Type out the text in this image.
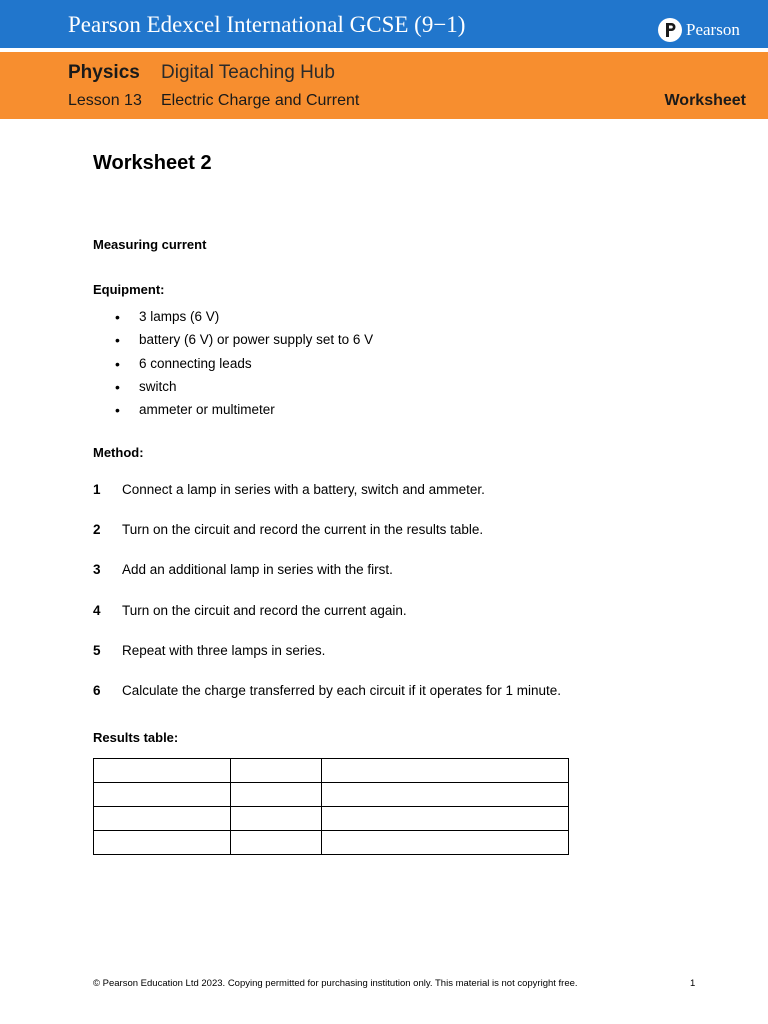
Pearson Edexcel International GCSE (9−1)	Pearson
Physics Digital Teaching Hub
Lesson 13 Electric Charge and Current	Worksheet
Worksheet 2
Measuring current
Equipment:
• 3 lamps (6 V)
• battery (6 V) or power supply set to 6 V
• 6 connecting leads
• switch
• ammeter or multimeter
Method:
1 Connect a lamp in series with a battery, switch and ammeter.
2 Turn on the circuit and record the current in the results table.
3 Add an additional lamp in series with the first.
4 Turn on the circuit and record the current again.
5 Repeat with three lamps in series.
6 Calculate the charge transferred by each circuit if it operates for 1 minute.
Results table:

© Pearson Education Ltd 2023. Copying permitted for purchasing institution only. This material is not copyright free.	1
